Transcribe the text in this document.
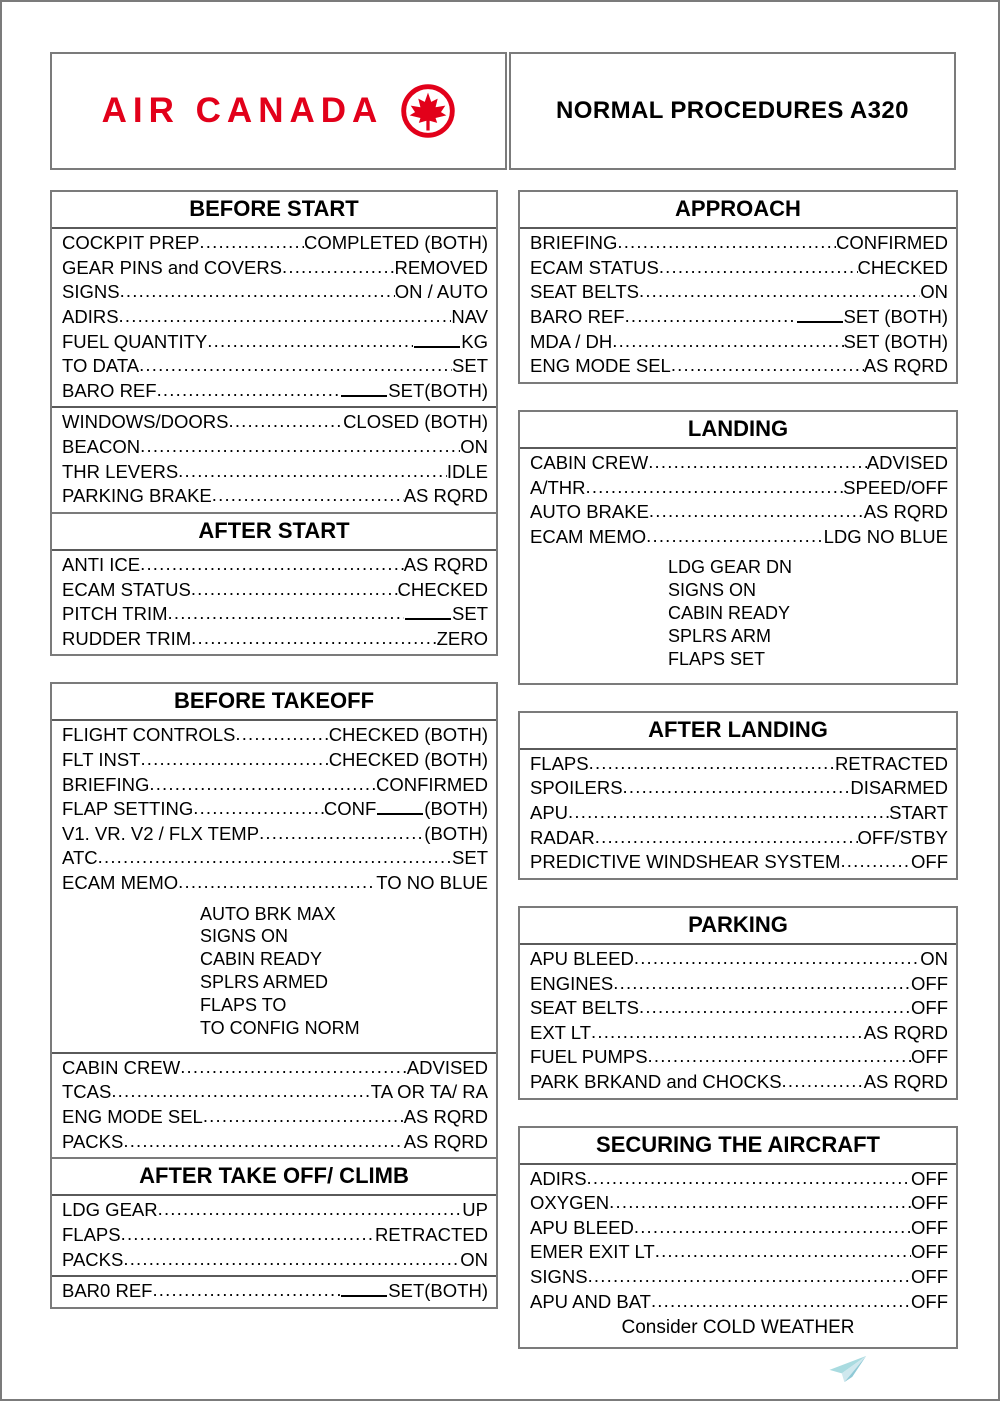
AIR CANADA	NORMAL PROCEDURES A320
BEFORE START
COCKPIT PREP .....	COMPLETED (BOTH)
GEAR PINS and COVERS .....	REMOVED
SIGNS .....	ON / AUTO
ADIRS .....	NAV
FUEL QUANTITY .....	KG
TO DATA .....	SET
BARO REF .....	SET(BOTH)
WINDOWS/DOORS .....	CLOSED (BOTH)
BEACON .....	ON
THR LEVERS .....	IDLE
PARKING BRAKE .....	AS RQRD
AFTER START
ANTI ICE .....	AS RQRD
ECAM STATUS .....	CHECKED
PITCH TRIM .....	SET
RUDDER TRIM .....	ZERO
BEFORE TAKEOFF
FLIGHT CONTROLS .....	CHECKED (BOTH)
FLT INST .....	CHECKED (BOTH)
BRIEFING .....	CONFIRMED
FLAP SETTING .....	CONF	(BOTH)
V1. VR. V2 / FLX TEMP .....	(BOTH)
ATC .....	SET
ECAM MEMO .....	TO NO BLUE
AUTO BRK MAX
SIGNS ON
CABIN READY
SPLRS ARMED
FLAPS TO
TO CONFIG NORM
CABIN CREW .....	ADVISED
TCAS .....	TA OR TA/ RA
ENG MODE SEL .....	AS RQRD
PACKS .....	AS RQRD
AFTER TAKE OFF/ CLIMB
LDG GEAR .....	UP
FLAPS .....	RETRACTED
PACKS .....	ON
BAR0 REF .....	SET(BOTH)
APPROACH
BRIEFING .....	CONFIRMED
ECAM STATUS .....	CHECKED
SEAT BELTS .....	ON
BARO REF .....	SET (BOTH)
MDA / DH .....	SET (BOTH)
ENG MODE SEL .....	AS RQRD
LANDING
CABIN CREW .....	ADVISED
A/THR .....	SPEED/OFF
AUTO BRAKE .....	AS RQRD
ECAM MEMO .....	LDG NO BLUE
LDG GEAR DN
SIGNS ON
CABIN READY
SPLRS ARM
FLAPS SET
AFTER LANDING
FLAPS .....	RETRACTED
SPOILERS .....	DISARMED
APU .....	START
RADAR .....	OFF/STBY
PREDICTIVE WINDSHEAR SYSTEM .....	OFF
PARKING
APU BLEED .....	ON
ENGINES .....	OFF
SEAT BELTS .....	OFF
EXT LT .....	AS RQRD
FUEL PUMPS .....	OFF
PARK BRKAND and CHOCKS .....	AS RQRD
SECURING THE AIRCRAFT
ADIRS .....	OFF
OXYGEN .....	OFF
APU BLEED .....	OFF
EMER EXIT LT .....	OFF
SIGNS .....	OFF
APU AND BAT .....	OFF
Consider COLD WEATHER
